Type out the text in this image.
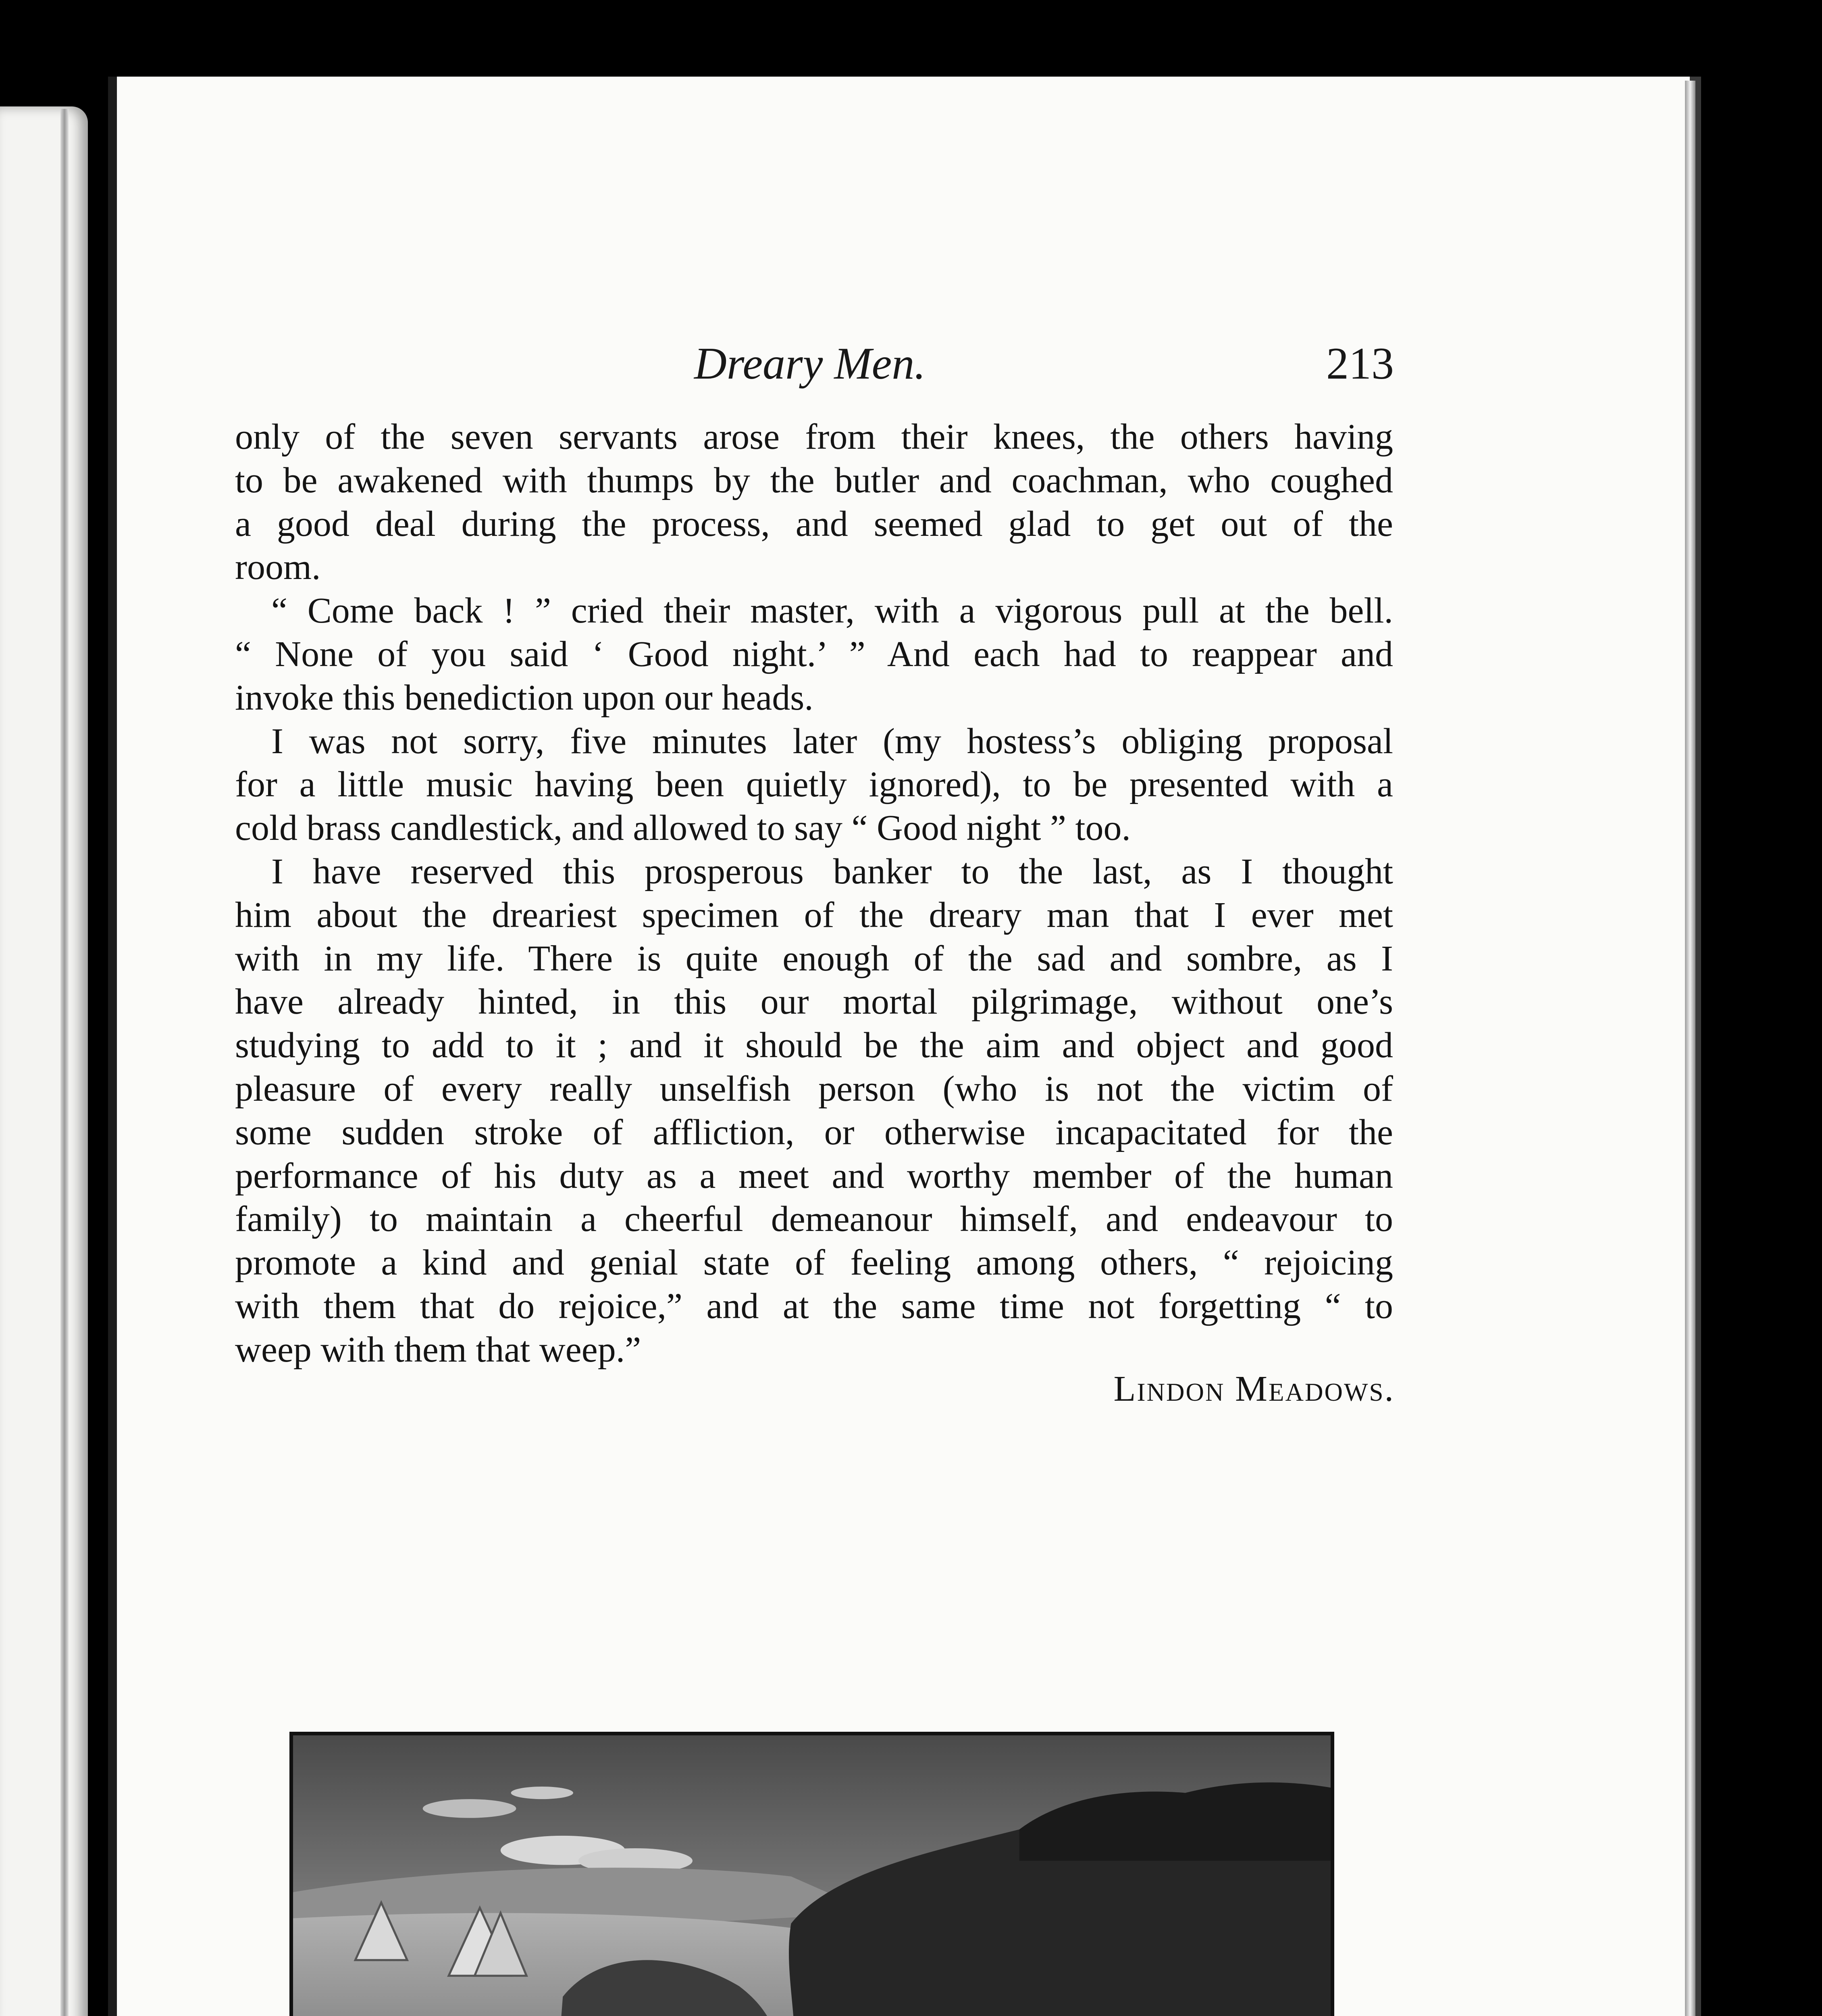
Dreary Men.	213
only of the seven servants arose from their knees, the others having
to be awakened with thumps by the butler and coachman, who coughed
a good deal during the process, and seemed glad to get out of the
room.
“ Come back ! ” cried their master, with a vigorous pull at the bell.
“ None of you said ‘ Good night.’ ” And each had to reappear and
invoke this benediction upon our heads.
I was not sorry, five minutes later (my hostess’s obliging proposal
for a little music having been quietly ignored), to be presented with a
cold brass candlestick, and allowed to say “ Good night ” too.
I have reserved this prosperous banker to the last, as I thought
him about the dreariest specimen of the dreary man that I ever met
with in my life. There is quite enough of the sad and sombre, as I
have already hinted, in this our mortal pilgrimage, without one’s
studying to add to it ; and it should be the aim and object and good
pleasure of every really unselfish person (who is not the victim of
some sudden stroke of affliction, or otherwise incapacitated for the
performance of his duty as a meet and worthy member of the human
family) to maintain a cheerful demeanour himself, and endeavour to
promote a kind and genial state of feeling among others, “ rejoicing
with them that do rejoice,” and at the same time not forgetting “ to
weep with them that weep.”
Lindon Meadows.
